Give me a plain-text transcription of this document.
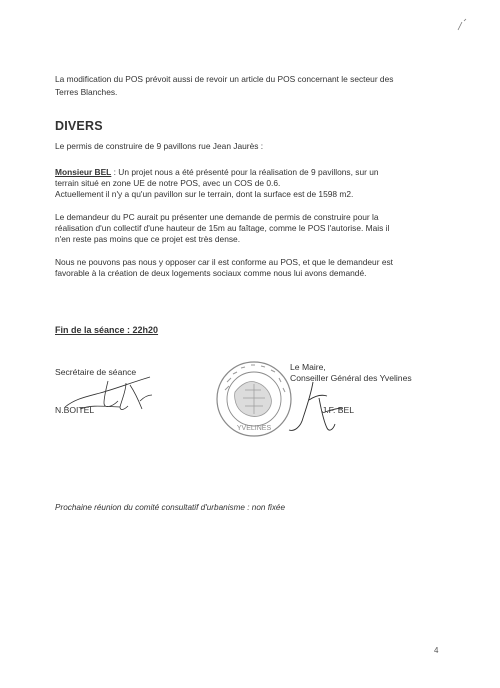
La modification du POS prévoit aussi de revoir un article du POS concernant le secteur des
Terres Blanches.
DIVERS
Le permis de construire de 9 pavillons rue Jean Jaurès :
Monsieur BEL : Un projet nous a été présenté pour la réalisation de 9 pavillons, sur un
terrain situé en zone UE de notre POS, avec un COS de 0.6.
Actuellement il n'y a qu'un pavillon sur le terrain, dont la surface est de 1598 m2.
Le demandeur du PC aurait pu présenter une demande de permis de construire pour la
réalisation d'un collectif d'une hauteur de 15m au faîtage, comme le POS l'autorise. Mais il
n'en reste pas moins que ce projet est très dense.
Nous ne pouvons pas nous y opposer car il est conforme au POS, et que le demandeur est
favorable à la création de deux logements sociaux comme nous lui avons demandé.
Fin de la séance : 22h20
Secrétaire de séance
N.BOITEL
YVELINES
Le Maire,
Conseiller Général des Yvelines
J.F. BEL
Prochaine réunion du comité consultatif d'urbanisme : non fixée
4
